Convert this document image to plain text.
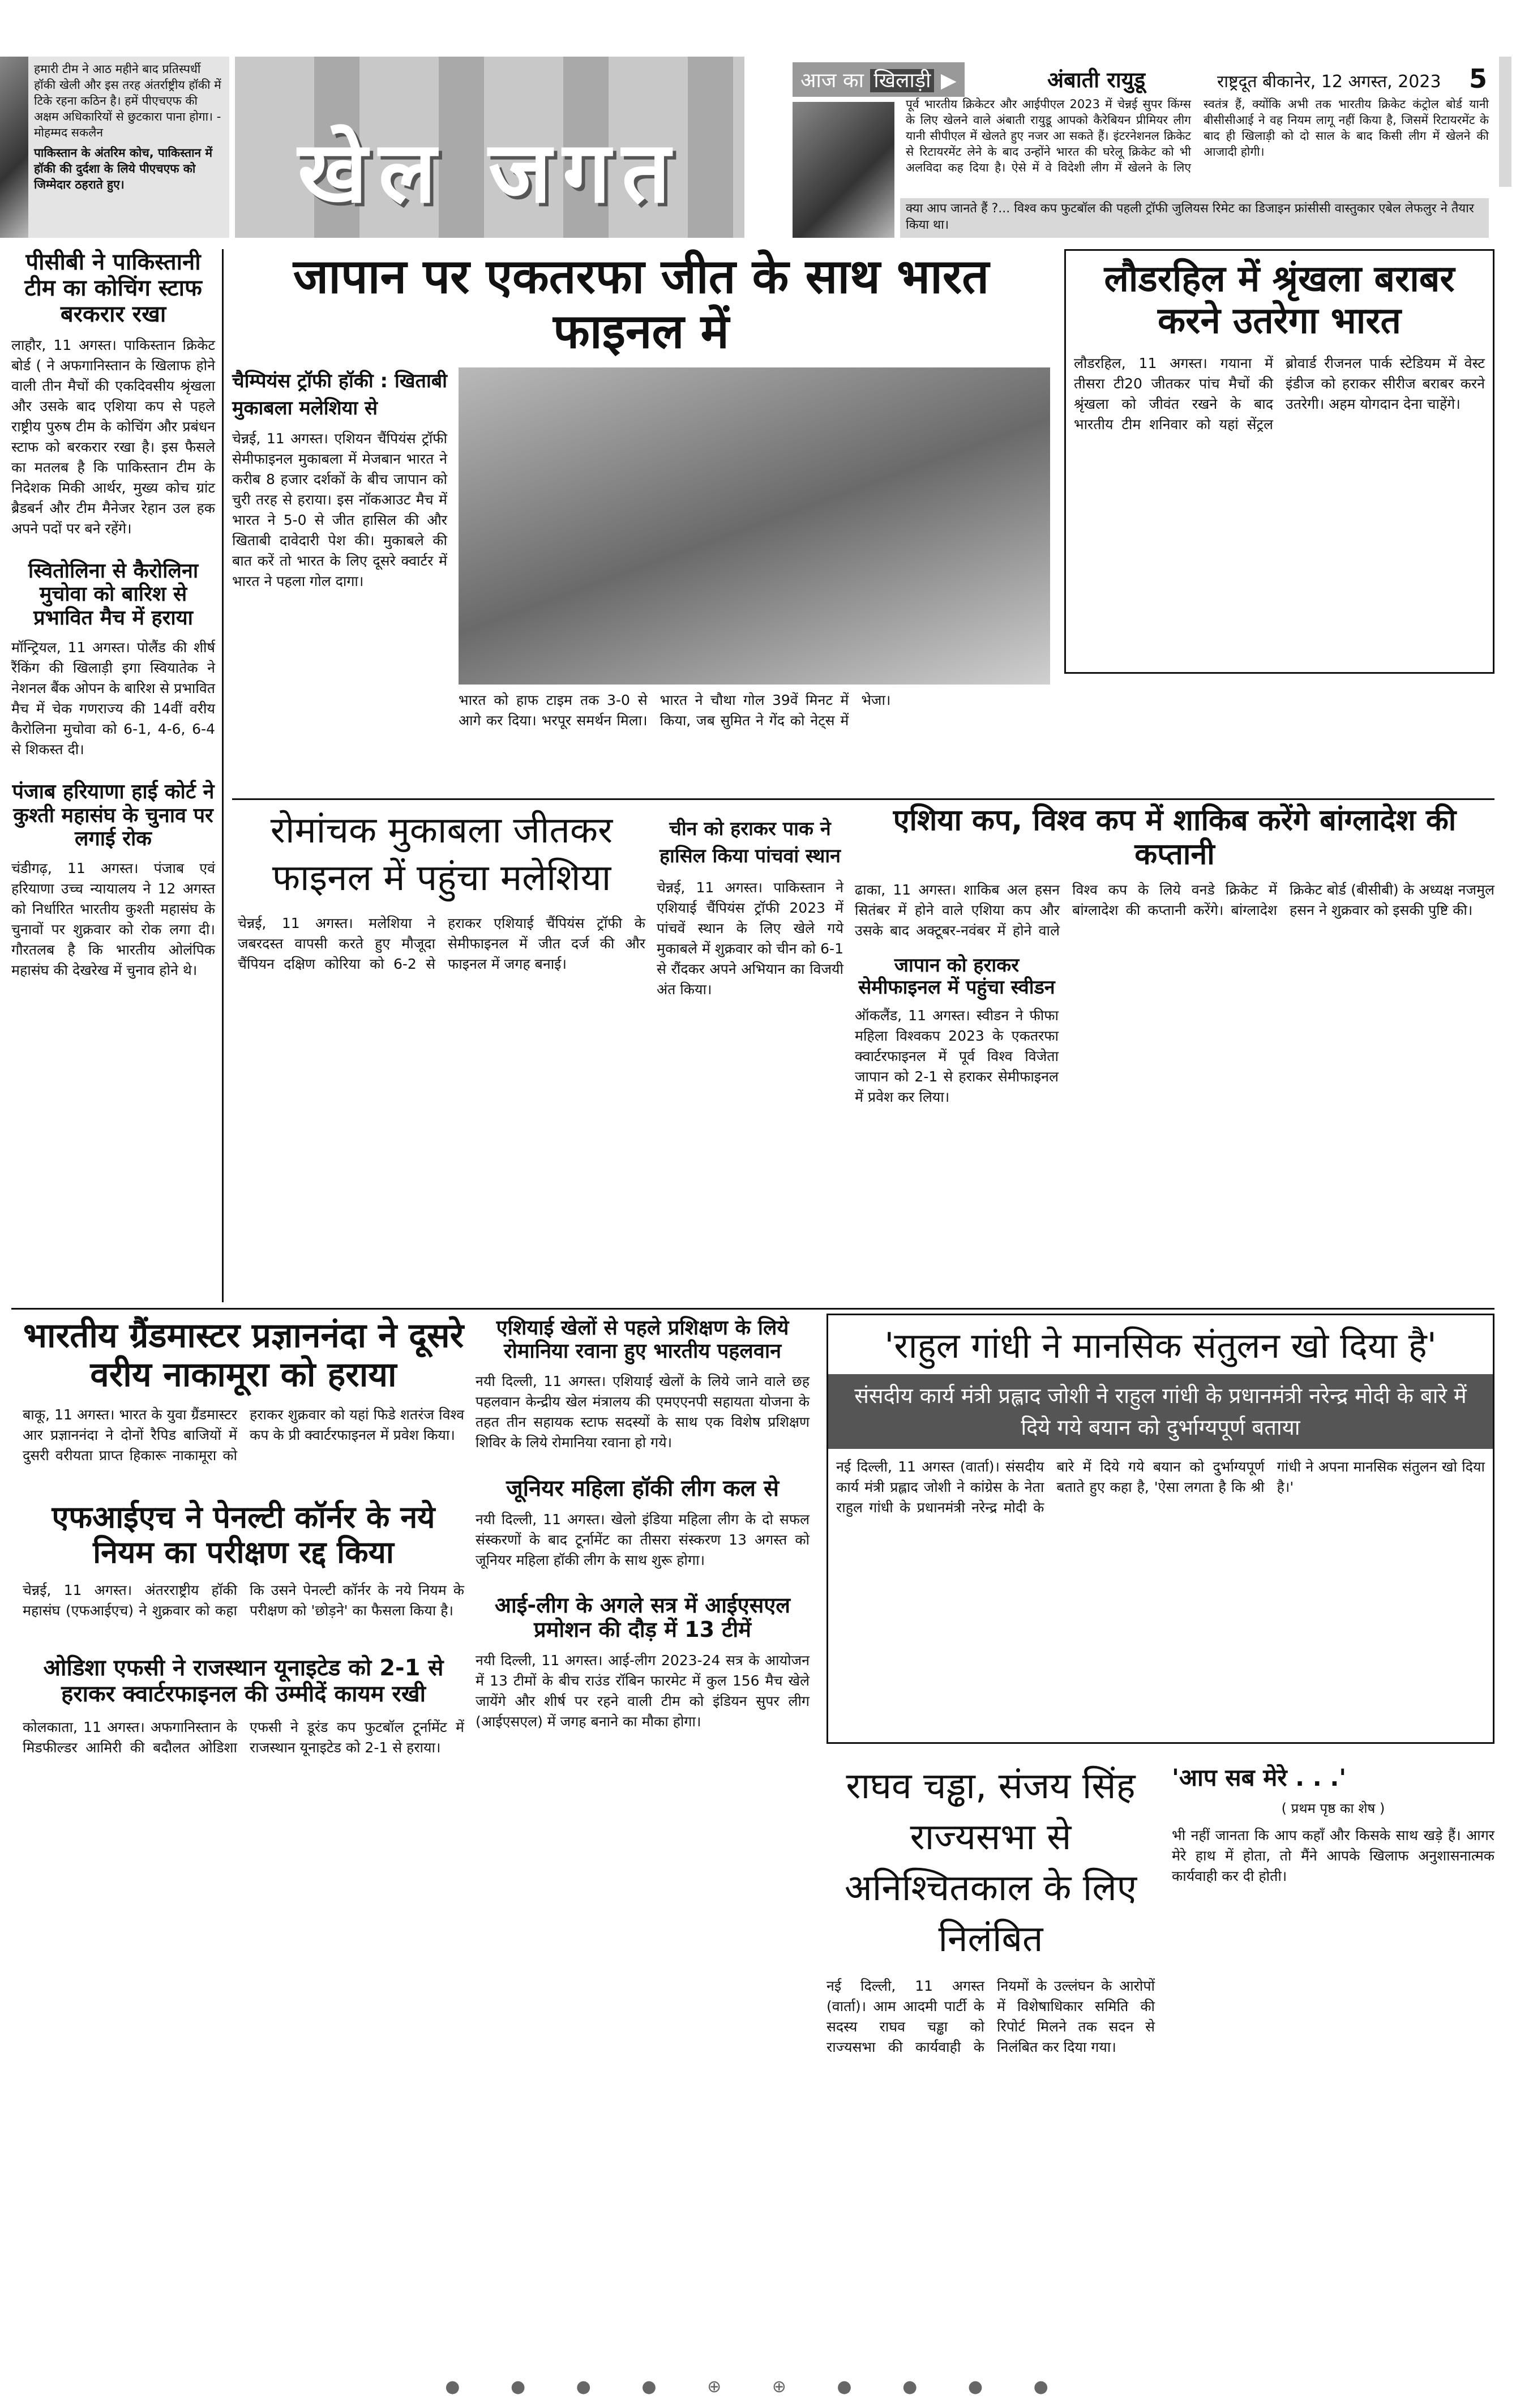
हमारी टीम ने आठ महीने बाद प्रतिस्पर्धी हॉकी खेली और इस तरह अंतर्राष्ट्रीय हॉकी में टिके रहना कठिन है। हमें पीएचएफ की अक्षम अधिकारियों से छुटकारा पाना होगा। - मोहम्मद सकलैन

पाकिस्तान के अंतरिम कोच, पाकिस्तान में हॉकी की दुर्दशा के लिये पीएचएफ को जिम्मेदार ठहराते हुए।	खेल जगत
आज का खिलाड़ी ▶	अंबाती रायुडू	राष्ट्रदूत बीकानेर, 12 अगस्त, 2023 5
पूर्व भारतीय क्रिकेटर और आईपीएल 2023 में चेन्नई सुपर किंग्स के लिए खेलने वाले अंबाती रायुडू आपको कैरेबियन प्रीमियर लीग यानी सीपीएल में खेलते हुए नजर आ सकते हैं। इंटरनेशनल क्रिकेट से रिटायरमेंट लेने के बाद उन्होंने भारत की घरेलू क्रिकेट को भी अलविदा कह दिया है। ऐसे में वे विदेशी लीग में खेलने के लिए स्वतंत्र हैं, क्योंकि अभी तक भारतीय क्रिकेट कंट्रोल बोर्ड यानी बीसीसीआई ने वह नियम लागू नहीं किया है, जिसमें रिटायरमेंट के बाद ही खिलाड़ी को दो साल के बाद किसी लीग में खेलने की आजादी होगी।
क्या आप जानते हैं ?... विश्व कप फुटबॉल की पहली ट्रॉफी जुलियस रिमेट का डिजाइन फ्रांसीसी वास्तुकार एबेल लेफलुर ने तैयार किया था।
पीसीबी ने पाकिस्तानी टीम का कोचिंग स्टाफ बरकरार रखा

लाहौर, 11 अगस्त। पाकिस्तान क्रिकेट बोर्ड ( ने अफगानिस्तान के खिलाफ होने वाली तीन मैचों की एकदिवसीय श्रृंखला और उसके बाद एशिया कप से पहले राष्ट्रीय पुरुष टीम के कोचिंग और प्रबंधन स्टाफ को बरकरार रखा है। इस फैसले का मतलब है कि पाकिस्तान टीम के निदेशक मिकी आर्थर, मुख्य कोच ग्रांट ब्रैडबर्न और टीम मैनेजर रेहान उल हक अपने पदों पर बने रहेंगे।

स्वितोलिना से कैरोलिना मुचोवा को बारिश से प्रभावित मैच में हराया

मॉन्ट्रियल, 11 अगस्त। पोलैंड की शीर्ष रैंकिंग की खिलाड़ी इगा स्वियातेक ने नेशनल बैंक ओपन के बारिश से प्रभावित मैच में चेक गणराज्य की 14वीं वरीय कैरोलिना मुचोवा को 6-1, 4-6, 6-4 से शिकस्त दी।

पंजाब हरियाणा हाई कोर्ट ने कुश्ती महासंघ के चुनाव पर लगाई रोक

चंडीगढ़, 11 अगस्त। पंजाब एवं हरियाणा उच्च न्यायालय ने 12 अगस्त को निर्धारित भारतीय कुश्ती महासंघ के चुनावों पर शुक्रवार को रोक लगा दी। गौरतलब है कि भारतीय ओलंपिक महासंघ की देखरेख में चुनाव होने थे।

जापान पर एकतरफा जीत के साथ भारत फाइनल में
चैम्पियंस ट्रॉफी हॉकी : खिताबी मुकाबला मलेशिया से

चेन्नई, 11 अगस्त। एशियन चैंपियंस ट्रॉफी सेमीफाइनल मुकाबला में मेजबान भारत ने करीब 8 हजार दर्शकों के बीच जापान को चुरी तरह से हराया। इस नॉकआउट मैच में भारत ने 5-0 से जीत हासिल की और खिताबी दावेदारी पेश की। मुकाबले की बात करें तो भारत के लिए दूसरे क्वार्टर में भारत ने पहला गोल दागा।

भारत को हाफ टाइम तक 3-0 से आगे कर दिया। भरपूर समर्थन मिला। भारत ने चौथा गोल 39वें मिनट में किया, जब सुमित ने गेंद को नेट्स में भेजा।

लौडरहिल में श्रृंखला बराबर करने उतरेगा भारत

लौडरहिल, 11 अगस्त। गयाना में तीसरा टी20 जीतकर पांच मैचों की श्रृंखला को जीवंत रखने के बाद भारतीय टीम शनिवार को यहां सेंट्रल ब्रोवार्ड रीजनल पार्क स्टेडियम में वेस्ट इंडीज को हराकर सीरीज बराबर करने उतरेगी। अहम योगदान देना चाहेंगे।

रोमांचक मुकाबला जीतकर फाइनल में पहुंचा मलेशिया

चेन्नई, 11 अगस्त। मलेशिया ने जबरदस्त वापसी करते हुए मौजूदा चैंपियन दक्षिण कोरिया को 6-2 से हराकर एशियाई चैंपियंस ट्रॉफी के सेमीफाइनल में जीत दर्ज की और फाइनल में जगह बनाई।

चीन को हराकर पाक ने हासिल किया पांचवां स्थान

चेन्नई, 11 अगस्त। पाकिस्तान ने एशियाई चैंपियंस ट्रॉफी 2023 में पांचवें स्थान के लिए खेले गये मुकाबले में शुक्रवार को चीन को 6-1 से रौंदकर अपने अभियान का विजयी अंत किया।

एशिया कप, विश्व कप में शाकिब करेंगे बांग्लादेश की कप्तानी

ढाका, 11 अगस्त। शाकिब अल हसन सितंबर में होने वाले एशिया कप और उसके बाद अक्टूबर-नवंबर में होने वाले विश्व कप के लिये वनडे क्रिकेट में बांग्लादेश की कप्तानी करेंगे। बांग्लादेश क्रिकेट बोर्ड (बीसीबी) के अध्यक्ष नजमुल हसन ने शुक्रवार को इसकी पुष्टि की।

जापान को हराकर सेमीफाइनल में पहुंचा स्वीडन

ऑकलैंड, 11 अगस्त। स्वीडन ने फीफा महिला विश्वकप 2023 के एकतरफा क्वार्टरफाइनल में पूर्व विश्व विजेता जापान को 2-1 से हराकर सेमीफाइनल में प्रवेश कर लिया।

भारतीय ग्रैंडमास्टर प्रज्ञाननंदा ने दूसरे वरीय नाकामूरा को हराया

बाकू, 11 अगस्त। भारत के युवा ग्रैंडमास्टर आर प्रज्ञाननंदा ने दोनों रैपिड बाजियों में दुसरी वरीयता प्राप्त हिकारू नाकामूरा को हराकर शुक्रवार को यहां फिडे शतरंज विश्व कप के प्री क्वार्टरफाइनल में प्रवेश किया।

एफआईएच ने पेनल्टी कॉर्नर के नये नियम का परीक्षण रद्द किया

चेन्नई, 11 अगस्त। अंतरराष्ट्रीय हॉकी महासंघ (एफआईएच) ने शुक्रवार को कहा कि उसने पेनल्टी कॉर्नर के नये नियम के परीक्षण को 'छोड़ने' का फैसला किया है।

ओडिशा एफसी ने राजस्थान यूनाइटेड को 2-1 से हराकर क्वार्टरफाइनल की उम्मीदें कायम रखी

कोलकाता, 11 अगस्त। अफगानिस्तान के मिडफील्डर आमिरी की बदौलत ओडिशा एफसी ने डूरंड कप फुटबॉल टूर्नामेंट में राजस्थान यूनाइटेड को 2-1 से हराया।

एशियाई खेलों से पहले प्रशिक्षण के लिये रोमानिया रवाना हुए भारतीय पहलवान

नयी दिल्ली, 11 अगस्त। एशियाई खेलों के लिये जाने वाले छह पहलवान केन्द्रीय खेल मंत्रालय की एमएएनपी सहायता योजना के तहत तीन सहायक स्टाफ सदस्यों के साथ एक विशेष प्रशिक्षण शिविर के लिये रोमानिया रवाना हो गये।

जूनियर महिला हॉकी लीग कल से

नयी दिल्ली, 11 अगस्त। खेलो इंडिया महिला लीग के दो सफल संस्करणों के बाद टूर्नामेंट का तीसरा संस्करण 13 अगस्त को जूनियर महिला हॉकी लीग के साथ शुरू होगा।

आई-लीग के अगले सत्र में आईएसएल प्रमोशन की दौड़ में 13 टीमें

नयी दिल्ली, 11 अगस्त। आई-लीग 2023-24 सत्र के आयोजन में 13 टीमों के बीच राउंड रॉबिन फारमेट में कुल 156 मैच खेले जायेंगे और शीर्ष पर रहने वाली टीम को इंडियन सुपर लीग (आईएसएल) में जगह बनाने का मौका होगा।

'राहुल गांधी ने मानसिक संतुलन खो दिया है'
संसदीय कार्य मंत्री प्रह्लाद जोशी ने राहुल गांधी के प्रधानमंत्री नरेन्द्र मोदी के बारे में दिये गये बयान को दुर्भाग्यपूर्ण बताया

नई दिल्ली, 11 अगस्त (वार्ता)। संसदीय कार्य मंत्री प्रह्लाद जोशी ने कांग्रेस के नेता राहुल गांधी के प्रधानमंत्री नरेन्द्र मोदी के बारे में दिये गये बयान को दुर्भाग्यपूर्ण बताते हुए कहा है, 'ऐसा लगता है कि श्री गांधी ने अपना मानसिक संतुलन खो दिया है।'

राघव चड्ढा, संजय सिंह राज्यसभा से अनिश्चितकाल के लिए निलंबित

नई दिल्ली, 11 अगस्त (वार्ता)। आम आदमी पार्टी के सदस्य राघव चड्ढा को राज्यसभा की कार्यवाही के नियमों के उल्लंघन के आरोपों में विशेषाधिकार समिति की रिपोर्ट मिलने तक सदन से निलंबित कर दिया गया।

'आप सब मेरे . . .'

( प्रथम पृष्ठ का शेष )

भी नहीं जानता कि आप कहाँ और किसके साथ खड़े हैं। आगर मेरे हाथ में होता, तो मैंने आपके खिलाफ अनुशासनात्मक कार्यवाही कर दी होती।

● ● ● ● ⊕ ⊕ ● ● ● ●
